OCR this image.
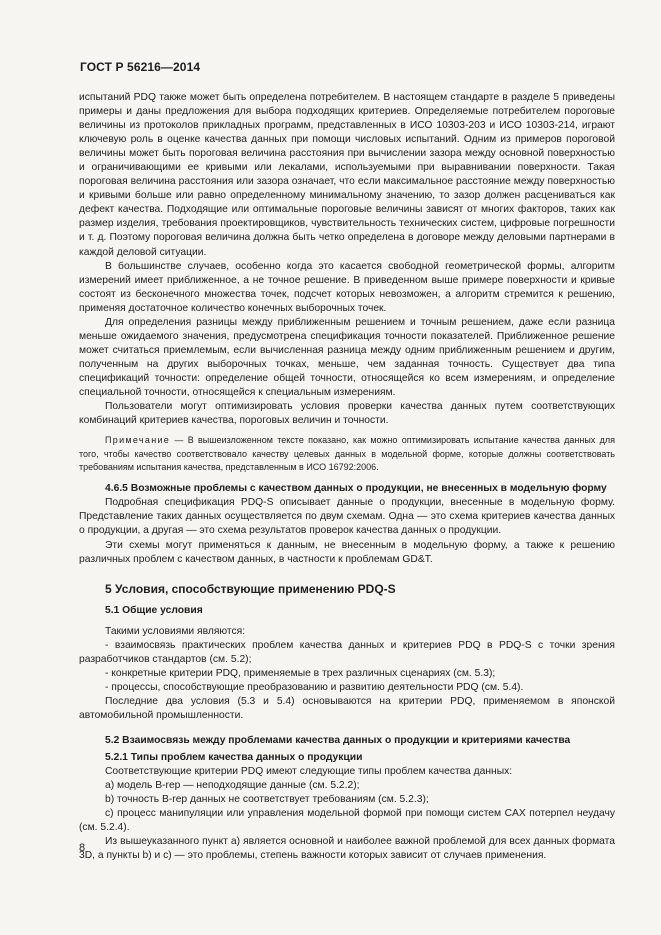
ГОСТ Р 56216—2014

испытаний PDQ также может быть определена потребителем. В настоящем стандарте в разделе 5 приведены примеры и даны предложения для выбора подходящих критериев. Определяемые потребителем пороговые величины из протоколов прикладных программ, представленных в ИСО 10303-203 и ИСО 10303-214, играют ключевую роль в оценке качества данных при помощи числовых испытаний. Одним из примеров пороговой величины может быть пороговая величина расстояния при вычислении зазора между основной поверхностью и ограничивающими ее кривыми или лекалами, используемыми при выравнивании поверхности. Такая пороговая величина расстояния или зазора означает, что если максимальное расстояние между поверхностью и кривыми больше или равно определенному минимальному значению, то зазор должен расцениваться как дефект качества. Подходящие или оптимальные пороговые величины зависят от многих факторов, таких как размер изделия, требования проектировщиков, чувствительность технических систем, цифровые погрешности и т. д. Поэтому пороговая величина должна быть четко определена в договоре между деловыми партнерами в каждой деловой ситуации.

В большинстве случаев, особенно когда это касается свободной геометрической формы, алгоритм измерений имеет приближенное, а не точное решение. В приведенном выше примере поверхности и кривые состоят из бесконечного множества точек, подсчет которых невозможен, а алгоритм стремится к решению, применяя достаточное количество конечных выборочных точек.

Для определения разницы между приближенным решением и точным решением, даже если разница меньше ожидаемого значения, предусмотрена спецификация точности показателей. Приближенное решение может считаться приемлемым, если вычисленная разница между одним приближенным решением и другим, полученным на других выборочных точках, меньше, чем заданная точность. Существует два типа спецификаций точности: определение общей точности, относящейся ко всем измерениям, и определение специальной точности, относящейся к специальным измерениям.

Пользователи могут оптимизировать условия проверки качества данных путем соответствующих комбинаций критериев качества, пороговых величин и точности.

Примечание — В вышеизложенном тексте показано, как можно оптимизировать испытание качества данных для того, чтобы качество соответствовало качеству целевых данных в модельной форме, которые должны соответствовать требованиям испытания качества, представленным в ИСО 16792:2006.

4.6.5 Возможные проблемы с качеством данных о продукции, не внесенных в модельную форму

Подробная спецификация PDQ-S описывает данные о продукции, внесенные в модельную форму. Представление таких данных осуществляется по двум схемам. Одна — это схема критериев качества данных о продукции, а другая — это схема результатов проверок качества данных о продукции.

Эти схемы могут применяться к данным, не внесенным в модельную форму, а также к решению различных проблем с качеством данных, в частности к проблемам GD&T.

5 Условия, способствующие применению PDQ-S

5.1 Общие условия

Такими условиями являются:

- взаимосвязь практических проблем качества данных и критериев PDQ в PDQ-S с точки зрения разработчиков стандартов (см. 5.2);

- конкретные критерии PDQ, применяемые в трех различных сценариях (см. 5.3);

- процессы, способствующие преобразованию и развитию деятельности PDQ (см. 5.4).

Последние два условия (5.3 и 5.4) основываются на критерии PDQ, применяемом в японской автомобильной промышленности.

5.2 Взаимосвязь между проблемами качества данных о продукции и критериями качества

5.2.1 Типы проблем качества данных о продукции

Соответствующие критерии PDQ имеют следующие типы проблем качества данных:

a) модель B-rep — неподходящие данные (см. 5.2.2);

b) точность B-rep данных не соответствует требованиям (см. 5.2.3);

c) процесс манипуляции или управления модельной формой при помощи систем CAX потерпел неудачу (см. 5.2.4).

Из вышеуказанного пункт а) является основной и наиболее важной проблемой для всех данных формата 3D, а пункты b) и c) — это проблемы, степень важности которых зависит от случаев применения.

8
